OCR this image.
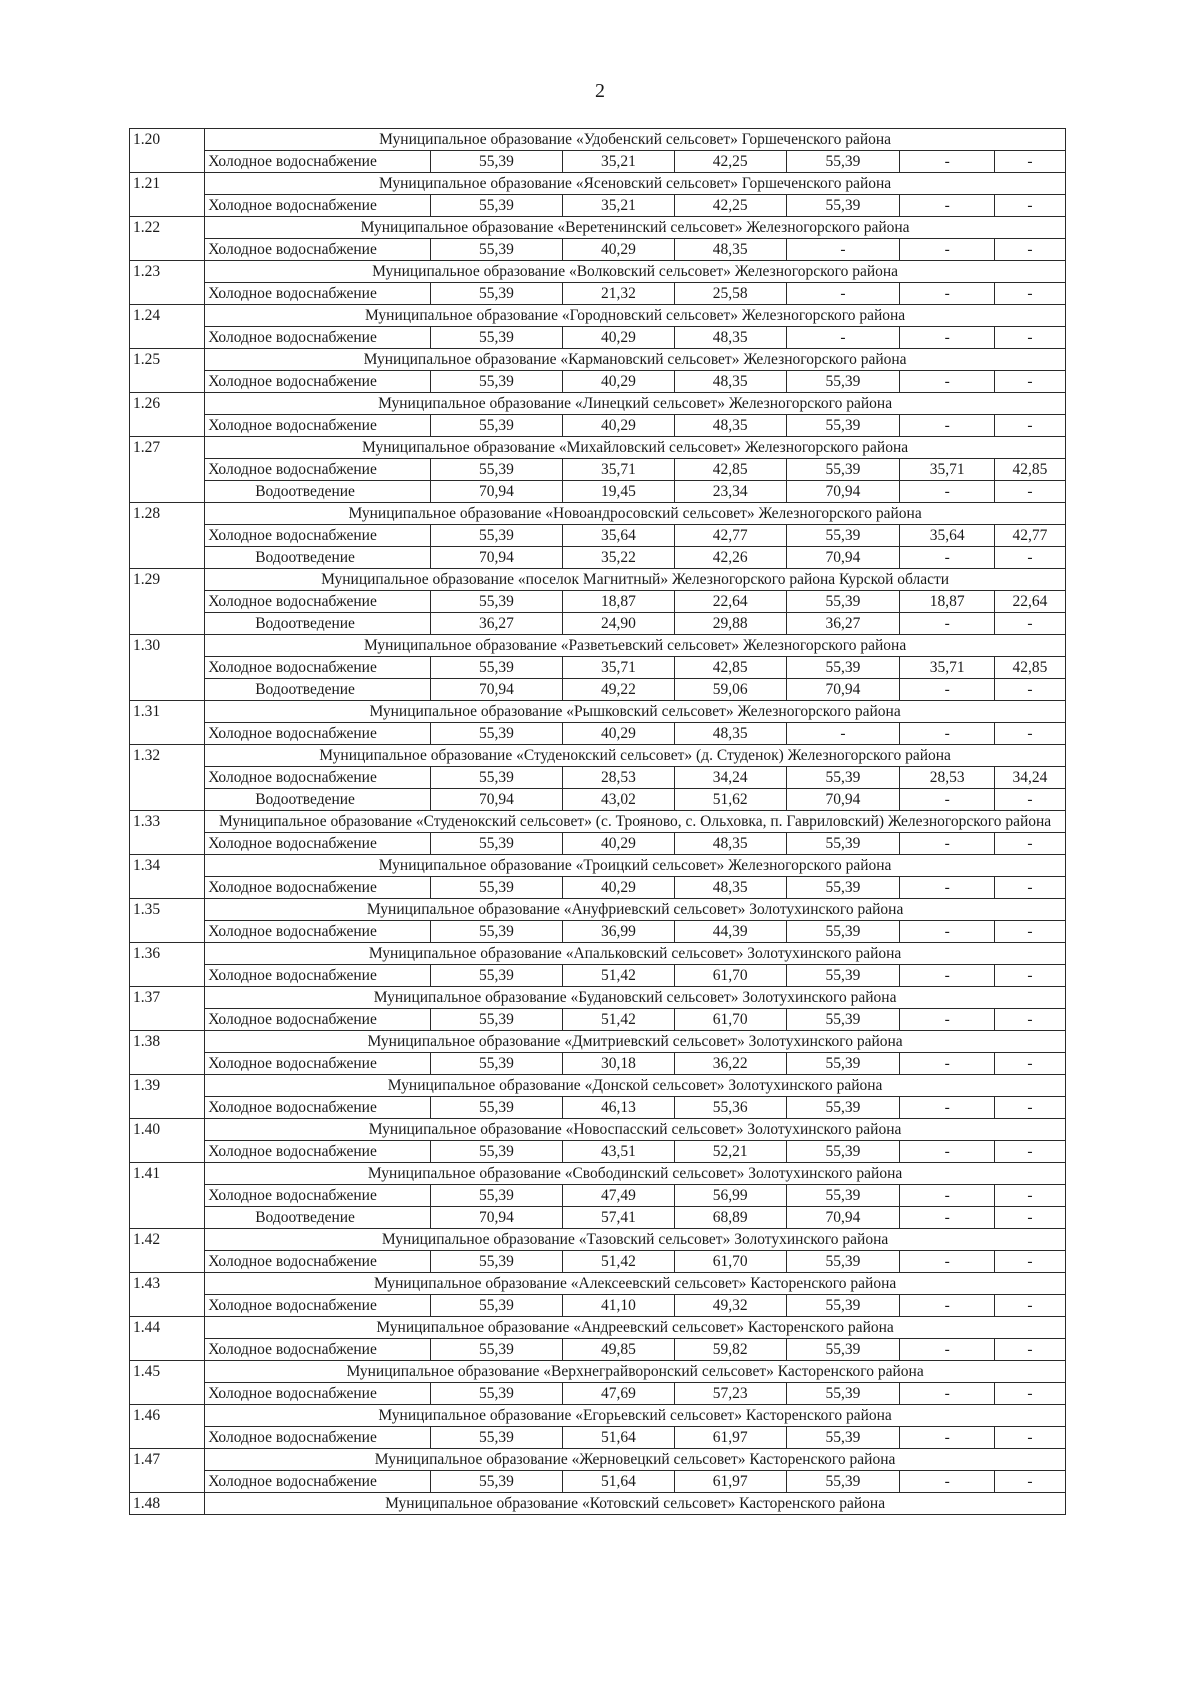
2
1.20	Муниципальное образование «Удобенский сельсовет» Горшеченского района						
	Холодное водоснабжение	55,39	35,21	42,25	55,39	-	-
1.21	Муниципальное образование «Ясеновский сельсовет» Горшеченского района						
	Холодное водоснабжение	55,39	35,21	42,25	55,39	-	-
1.22	Муниципальное образование «Веретенинский сельсовет» Железногорского района						
	Холодное водоснабжение	55,39	40,29	48,35	-	-	-
1.23	Муниципальное образование «Волковский сельсовет» Железногорского района						
	Холодное водоснабжение	55,39	21,32	25,58	-	-	-
1.24	Муниципальное образование «Городновский сельсовет» Железногорского района						
	Холодное водоснабжение	55,39	40,29	48,35	-	-	-
1.25	Муниципальное образование «Кармановский сельсовет» Железногорского района						
	Холодное водоснабжение	55,39	40,29	48,35	55,39	-	-
1.26	Муниципальное образование «Линецкий сельсовет» Железногорского района						
	Холодное водоснабжение	55,39	40,29	48,35	55,39	-	-
1.27	Муниципальное образование «Михайловский сельсовет» Железногорского района						
	Холодное водоснабжение	55,39	35,71	42,85	55,39	35,71	42,85
	Водоотведение	70,94	19,45	23,34	70,94	-	-
1.28	Муниципальное образование «Новоандросовский сельсовет» Железногорского района						
	Холодное водоснабжение	55,39	35,64	42,77	55,39	35,64	42,77
	Водоотведение	70,94	35,22	42,26	70,94	-	-
1.29	Муниципальное образование «поселок Магнитный» Железногорского района Курской области						
	Холодное водоснабжение	55,39	18,87	22,64	55,39	18,87	22,64
	Водоотведение	36,27	24,90	29,88	36,27	-	-
1.30	Муниципальное образование «Разветьевский сельсовет» Железногорского района						
	Холодное водоснабжение	55,39	35,71	42,85	55,39	35,71	42,85
	Водоотведение	70,94	49,22	59,06	70,94	-	-
1.31	Муниципальное образование «Рышковский сельсовет» Железногорского района						
	Холодное водоснабжение	55,39	40,29	48,35	-	-	-
1.32	Муниципальное образование «Студенокский сельсовет» (д. Студенок) Железногорского района						
	Холодное водоснабжение	55,39	28,53	34,24	55,39	28,53	34,24
	Водоотведение	70,94	43,02	51,62	70,94	-	-
1.33	Муниципальное образование «Студенокский сельсовет» (с. Трояново, с. Ольховка, п. Гавриловский) Железногорского района						
	Холодное водоснабжение	55,39	40,29	48,35	55,39	-	-
1.34	Муниципальное образование «Троицкий сельсовет» Железногорского района						
	Холодное водоснабжение	55,39	40,29	48,35	55,39	-	-
1.35	Муниципальное образование «Ануфриевский сельсовет» Золотухинского района						
	Холодное водоснабжение	55,39	36,99	44,39	55,39	-	-
1.36	Муниципальное образование «Апальковский сельсовет» Золотухинского района						
	Холодное водоснабжение	55,39	51,42	61,70	55,39	-	-
1.37	Муниципальное образование «Будановский сельсовет» Золотухинского района						
	Холодное водоснабжение	55,39	51,42	61,70	55,39	-	-
1.38	Муниципальное образование «Дмитриевский сельсовет» Золотухинского района						
	Холодное водоснабжение	55,39	30,18	36,22	55,39	-	-
1.39	Муниципальное образование «Донской сельсовет» Золотухинского района						
	Холодное водоснабжение	55,39	46,13	55,36	55,39	-	-
1.40	Муниципальное образование «Новоспасский сельсовет» Золотухинского района						
	Холодное водоснабжение	55,39	43,51	52,21	55,39	-	-
1.41	Муниципальное образование «Свободинский сельсовет» Золотухинского района						
	Холодное водоснабжение	55,39	47,49	56,99	55,39	-	-
	Водоотведение	70,94	57,41	68,89	70,94	-	-
1.42	Муниципальное образование «Тазовский сельсовет» Золотухинского района						
	Холодное водоснабжение	55,39	51,42	61,70	55,39	-	-
1.43	Муниципальное образование «Алексеевский сельсовет» Касторенского района						
	Холодное водоснабжение	55,39	41,10	49,32	55,39	-	-
1.44	Муниципальное образование «Андреевский сельсовет» Касторенского района						
	Холодное водоснабжение	55,39	49,85	59,82	55,39	-	-
1.45	Муниципальное образование «Верхнеграйворонский сельсовет» Касторенского района						
	Холодное водоснабжение	55,39	47,69	57,23	55,39	-	-
1.46	Муниципальное образование «Егорьевский сельсовет» Касторенского района						
	Холодное водоснабжение	55,39	51,64	61,97	55,39	-	-
1.47	Муниципальное образование «Жерновецкий сельсовет» Касторенского района						
	Холодное водоснабжение	55,39	51,64	61,97	55,39	-	-
1.48	Муниципальное образование «Котовский сельсовет» Касторенского района						
